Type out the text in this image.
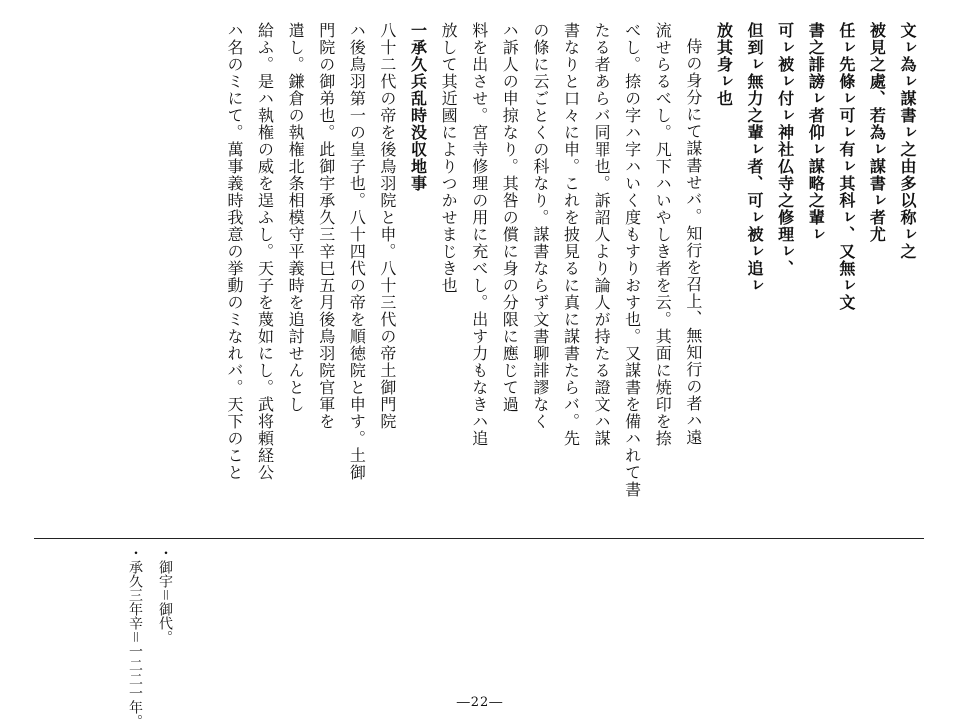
文ㇾ為ㇾ謀書ㇾ之由多以称ㇾ之
被見之處、若為ㇾ謀書ㇾ者尤
任ㇾ先條ㇾ可ㇾ有ㇾ其科ㇾ、又無ㇾ文
書之誹謗ㇾ者仰ㇾ謀略之輩ㇾ
可ㇾ被ㇾ付ㇾ神社仏寺之修理ㇾ、
但到ㇾ無力之輩ㇾ者、可ㇾ被ㇾ追ㇾ
放其身ㇾ也
侍の身分にて謀書せバ。知行を召上、無知行の者ハ遠
流せらるべし。凡下ハいやしき者を云。其面に焼印を捺
べし。捺の字ハ字ハいく度もすりおす也。又謀書を備ハれて書
たる者あらバ同罪也。訴詔人より論人が持たる證文ハ謀
書なりと口々に申。これを披見るに真に謀書たらバ。先
の條に云ごとくの科なり。謀書ならず文書聊誹謬なく
ハ訴人の申掠なり。其咎の償に身の分限に應じて過
料を出させ。宮寺修理の用に充べし。出す力もなきハ追
放して其近國によりつかせまじき也
一承久兵乱時没収地事
八十二代の帝を後鳥羽院と申。八十三代の帝土御門院
ハ後鳥羽第一の皇子也。八十四代の帝を順徳院と申す。土御
門院の御弟也。此御宇承久三辛巳五月後鳥羽院官軍を
遣し。鎌倉の執権北条相模守平義時を追討せんとし
給ふ。是ハ執権の威を逞ふし。天子を蔑如にし。武将頼経公
ハ名のミにて。萬事義時我意の挙動のミなれバ。天下のこと
・御宇＝御代。
・承久三年辛＝一二二一年。	―22―
